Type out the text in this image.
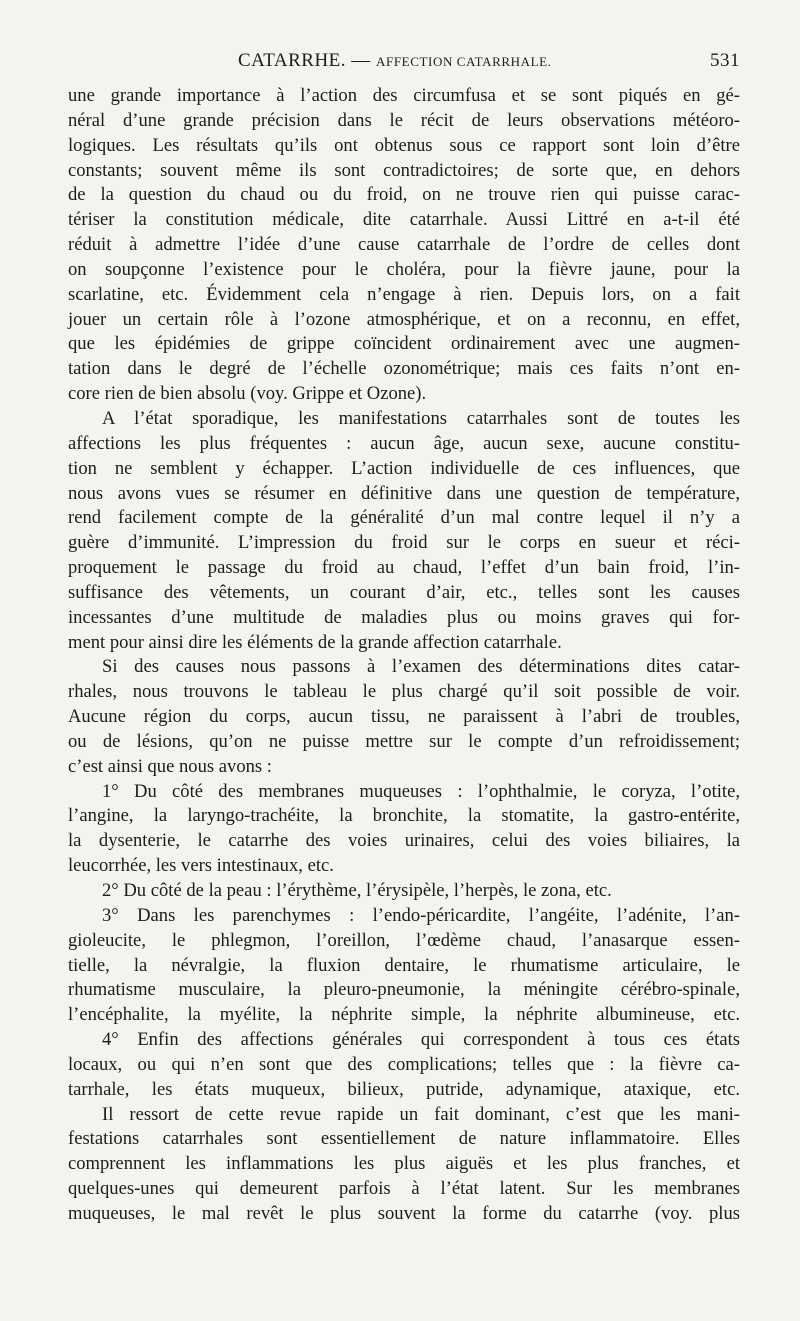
CATARRHE. — AFFECTION CATARRHALE.	531
une grande importance à l’action des circumfusa et se sont piqués en gé-
néral d’une grande précision dans le récit de leurs observations météoro-
logiques. Les résultats qu’ils ont obtenus sous ce rapport sont loin d’être
constants; souvent même ils sont contradictoires; de sorte que, en dehors
de la question du chaud ou du froid, on ne trouve rien qui puisse carac-
tériser la constitution médicale, dite catarrhale. Aussi Littré en a-t-il été
réduit à admettre l’idée d’une cause catarrhale de l’ordre de celles dont
on soupçonne l’existence pour le choléra, pour la fièvre jaune, pour la
scarlatine, etc. Évidemment cela n’engage à rien. Depuis lors, on a fait
jouer un certain rôle à l’ozone atmosphérique, et on a reconnu, en effet,
que les épidémies de grippe coïncident ordinairement avec une augmen-
tation dans le degré de l’échelle ozonométrique; mais ces faits n’ont en-
core rien de bien absolu (voy. Grippe et Ozone).
A l’état sporadique, les manifestations catarrhales sont de toutes les
affections les plus fréquentes : aucun âge, aucun sexe, aucune constitu-
tion ne semblent y échapper. L’action individuelle de ces influences, que
nous avons vues se résumer en définitive dans une question de température,
rend facilement compte de la généralité d’un mal contre lequel il n’y a
guère d’immunité. L’impression du froid sur le corps en sueur et réci-
proquement le passage du froid au chaud, l’effet d’un bain froid, l’in-
suffisance des vêtements, un courant d’air, etc., telles sont les causes
incessantes d’une multitude de maladies plus ou moins graves qui for-
ment pour ainsi dire les éléments de la grande affection catarrhale.
Si des causes nous passons à l’examen des déterminations dites catar-
rhales, nous trouvons le tableau le plus chargé qu’il soit possible de voir.
Aucune région du corps, aucun tissu, ne paraissent à l’abri de troubles,
ou de lésions, qu’on ne puisse mettre sur le compte d’un refroidissement;
c’est ainsi que nous avons :
1° Du côté des membranes muqueuses : l’ophthalmie, le coryza, l’otite,
l’angine, la laryngo-trachéite, la bronchite, la stomatite, la gastro-entérite,
la dysenterie, le catarrhe des voies urinaires, celui des voies biliaires, la
leucorrhée, les vers intestinaux, etc.
2° Du côté de la peau : l’érythème, l’érysipèle, l’herpès, le zona, etc.
3° Dans les parenchymes : l’endo-péricardite, l’angéite, l’adénite, l’an-
gioleucite, le phlegmon, l’oreillon, l’œdème chaud, l’anasarque essen-
tielle, la névralgie, la fluxion dentaire, le rhumatisme articulaire, le
rhumatisme musculaire, la pleuro-pneumonie, la méningite cérébro-spinale,
l’encéphalite, la myélite, la néphrite simple, la néphrite albumineuse, etc.
4° Enfin des affections générales qui correspondent à tous ces états
locaux, ou qui n’en sont que des complications; telles que : la fièvre ca-
tarrhale, les états muqueux, bilieux, putride, adynamique, ataxique, etc.
Il ressort de cette revue rapide un fait dominant, c’est que les mani-
festations catarrhales sont essentiellement de nature inflammatoire. Elles
comprennent les inflammations les plus aiguës et les plus franches, et
quelques-unes qui demeurent parfois à l’état latent. Sur les membranes
muqueuses, le mal revêt le plus souvent la forme du catarrhe (voy. plus
